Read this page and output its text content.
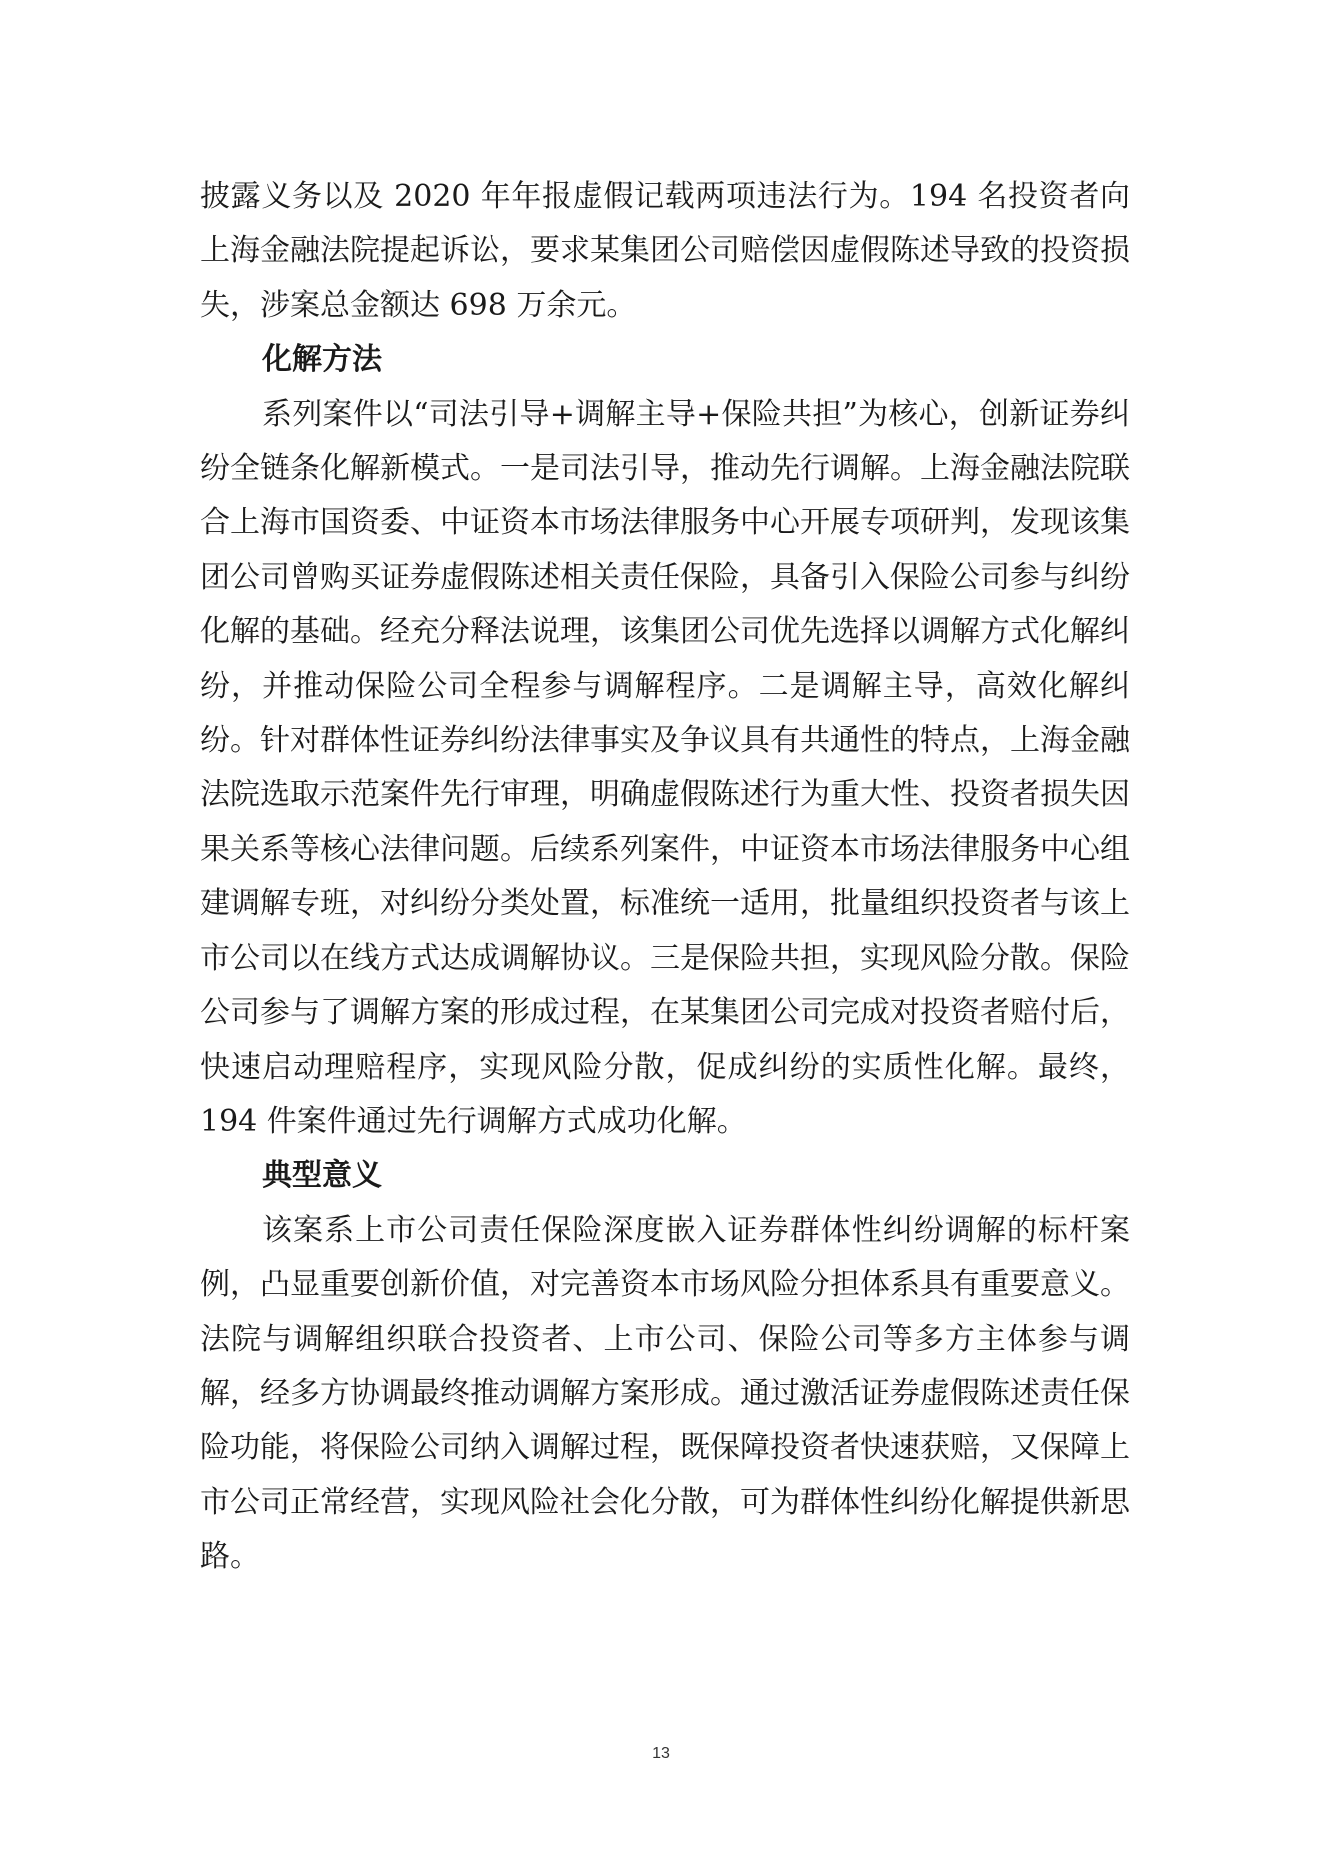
披露义务以及 2020 年年报虚假记载两项违法行为。194 名投资者向上海金融法院提起诉讼，要求某集团公司赔偿因虚假陈述导致的投资损失，涉案总金额达 698 万余元。

化解方法

系列案件以“司法引导+调解主导+保险共担”为核心，创新证券纠纷全链条化解新模式。一是司法引导，推动先行调解。上海金融法院联合上海市国资委、中证资本市场法律服务中心开展专项研判，发现该集团公司曾购买证券虚假陈述相关责任保险，具备引入保险公司参与纠纷化解的基础。经充分释法说理，该集团公司优先选择以调解方式化解纠纷，并推动保险公司全程参与调解程序。二是调解主导，高效化解纠纷。针对群体性证券纠纷法律事实及争议具有共通性的特点，上海金融法院选取示范案件先行审理，明确虚假陈述行为重大性、投资者损失因果关系等核心法律问题。后续系列案件，中证资本市场法律服务中心组建调解专班，对纠纷分类处置，标准统一适用，批量组织投资者与该上市公司以在线方式达成调解协议。三是保险共担，实现风险分散。保险公司参与了调解方案的形成过程，在某集团公司完成对投资者赔付后，快速启动理赔程序，实现风险分散，促成纠纷的实质性化解。最终，194 件案件通过先行调解方式成功化解。

典型意义

该案系上市公司责任保险深度嵌入证券群体性纠纷调解的标杆案例，凸显重要创新价值，对完善资本市场风险分担体系具有重要意义。法院与调解组织联合投资者、上市公司、保险公司等多方主体参与调解，经多方协调最终推动调解方案形成。通过激活证券虚假陈述责任保险功能，将保险公司纳入调解过程，既保障投资者快速获赔，又保障上市公司正常经营，实现风险社会化分散，可为群体性纠纷化解提供新思路。

13
